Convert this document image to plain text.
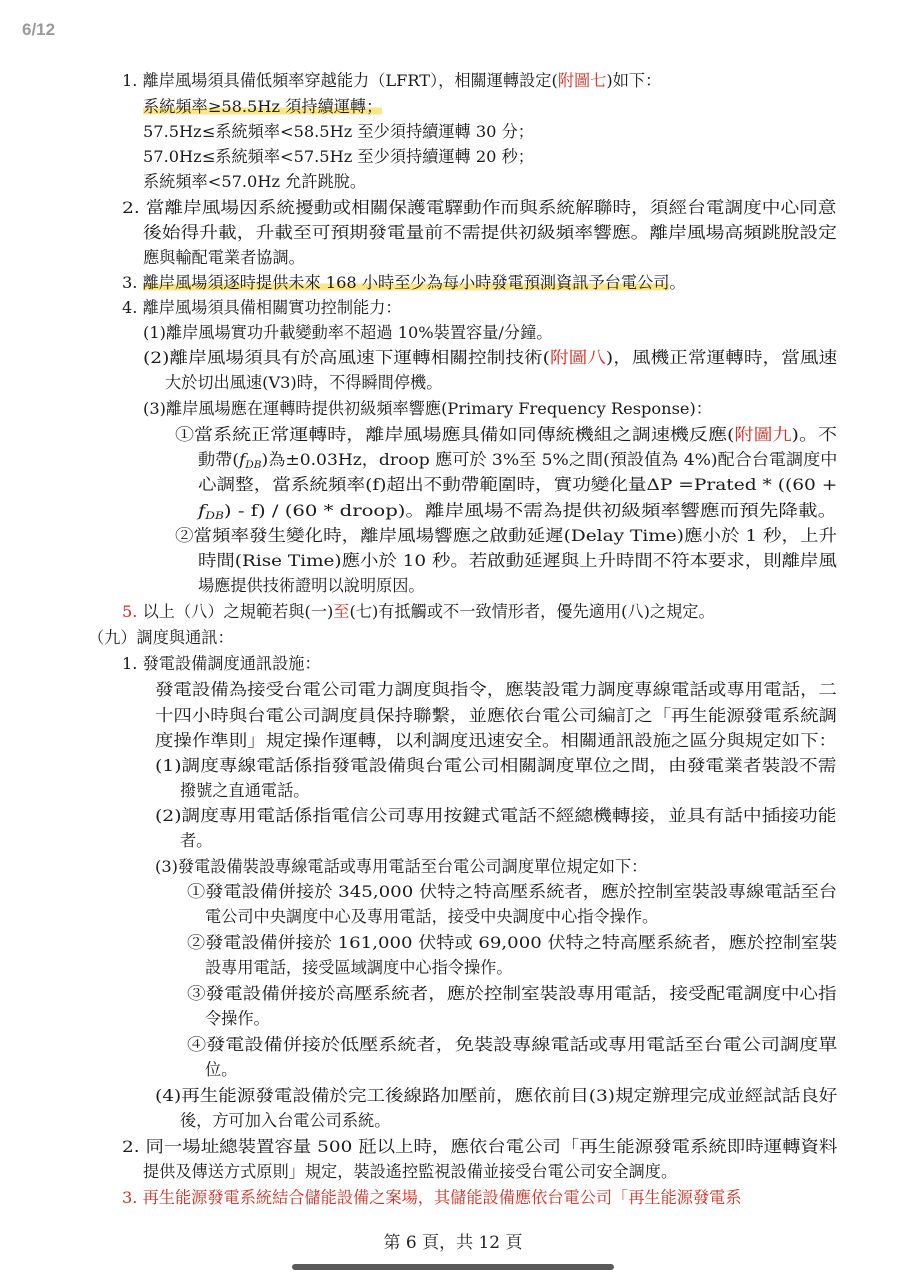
6/12
1. 離岸風場須具備低頻率穿越能力（LFRT），相關運轉設定(附圖七)如下：
系統頻率≥58.5Hz 須持續運轉；
57.5Hz≤系統頻率<58.5Hz 至少須持續運轉 30 分；
57.0Hz≤系統頻率<57.5Hz 至少須持續運轉 20 秒；
系統頻率<57.0Hz 允許跳脫。
2. 當離岸風場因系統擾動或相關保護電驛動作而與系統解聯時，須經台電調度中心同意
後始得升載，升載至可預期發電量前不需提供初級頻率響應。離岸風場高頻跳脫設定
應與輸配電業者協調。
3. 離岸風場須逐時提供未來 168 小時至少為每小時發電預測資訊予台電公司。
4. 離岸風場須具備相關實功控制能力：
(1)離岸風場實功升載變動率不超過 10%裝置容量/分鐘。
(2)離岸風場須具有於高風速下運轉相關控制技術(附圖八)，風機正常運轉時，當風速
大於切出風速(V3)時，不得瞬間停機。
(3)離岸風場應在運轉時提供初級頻率響應(Primary Frequency Response)：
①當系統正常運轉時，離岸風場應具備如同傳統機組之調速機反應(附圖九)。不
動帶(fDB)為±0.03Hz，droop 應可於 3%至 5%之間(預設值為 4%)配合台電調度中
心調整，當系統頻率(f)超出不動帶範圍時，實功變化量ΔP =Prated * ((60 +
fDB) - f) / (60 * droop)。離岸風場不需為提供初級頻率響應而預先降載。
②當頻率發生變化時，離岸風場響應之啟動延遲(Delay Time)應小於 1 秒，上升
時間(Rise Time)應小於 10 秒。若啟動延遲與上升時間不符本要求，則離岸風
場應提供技術證明以說明原因。
5. 以上（八）之規範若與(一)至(七)有抵觸或不一致情形者，優先適用(八)之規定。
（九）調度與通訊：
1. 發電設備調度通訊設施：
發電設備為接受台電公司電力調度與指令，應裝設電力調度專線電話或專用電話，二
十四小時與台電公司調度員保持聯繫，並應依台電公司編訂之「再生能源發電系統調
度操作準則」規定操作運轉，以利調度迅速安全。相關通訊設施之區分與規定如下：
(1)調度專線電話係指發電設備與台電公司相關調度單位之間，由發電業者裝設不需
撥號之直通電話。
(2)調度專用電話係指電信公司專用按鍵式電話不經總機轉接，並具有話中插接功能
者。
(3)發電設備裝設專線電話或專用電話至台電公司調度單位規定如下：
①發電設備併接於 345,000 伏特之特高壓系統者，應於控制室裝設專線電話至台
電公司中央調度中心及專用電話，接受中央調度中心指令操作。
②發電設備併接於 161,000 伏特或 69,000 伏特之特高壓系統者，應於控制室裝
設專用電話，接受區域調度中心指令操作。
③發電設備併接於高壓系統者，應於控制室裝設專用電話，接受配電調度中心指
令操作。
④發電設備併接於低壓系統者，免裝設專線電話或專用電話至台電公司調度單
位。
(4)再生能源發電設備於完工後線路加壓前，應依前目(3)規定辦理完成並經試話良好
後，方可加入台電公司系統。
2. 同一場址總裝置容量 500 瓩以上時，應依台電公司「再生能源發電系統即時運轉資料
提供及傳送方式原則」規定，裝設遙控監視設備並接受台電公司安全調度。
3. 再生能源發電系統結合儲能設備之案場，其儲能設備應依台電公司「再生能源發電系
第 6 頁，共 12 頁
